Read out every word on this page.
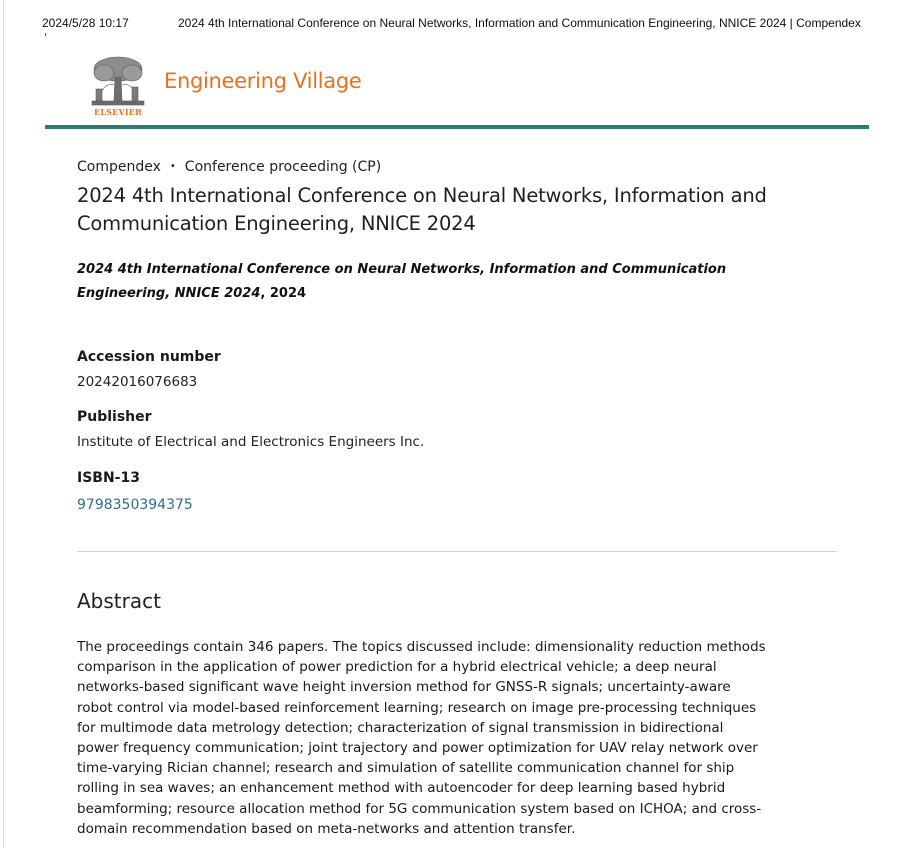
2024/5/28 10:17	2024 4th International Conference on Neural Networks, Information and Communication Engineering, NNICE 2024 | Compendex
ELSEVIER
Engineering Village
Compendex • Conference proceeding (CP)
2024 4th International Conference on Neural Networks, Information and Communication Engineering, NNICE 2024
2024 4th International Conference on Neural Networks, Information and Communication Engineering, NNICE 2024, 2024
Accession number
20242016076683
Publisher
Institute of Electrical and Electronics Engineers Inc.
ISBN-13
9798350394375
Abstract

The proceedings contain 346 papers. The topics discussed include: dimensionality reduction methods comparison in the application of power prediction for a hybrid electrical vehicle; a deep neural networks-based significant wave height inversion method for GNSS-R signals; uncertainty-aware robot control via model-based reinforcement learning; research on image pre-processing techniques for multimode data metrology detection; characterization of signal transmission in bidirectional power frequency communication; joint trajectory and power optimization for UAV relay network over time-varying Rician channel; research and simulation of satellite communication channel for ship rolling in sea waves; an enhancement method with autoencoder for deep learning based hybrid beamforming; resource allocation method for 5G communication system based on ICHOA; and cross-domain recommendation based on meta-networks and attention transfer.
